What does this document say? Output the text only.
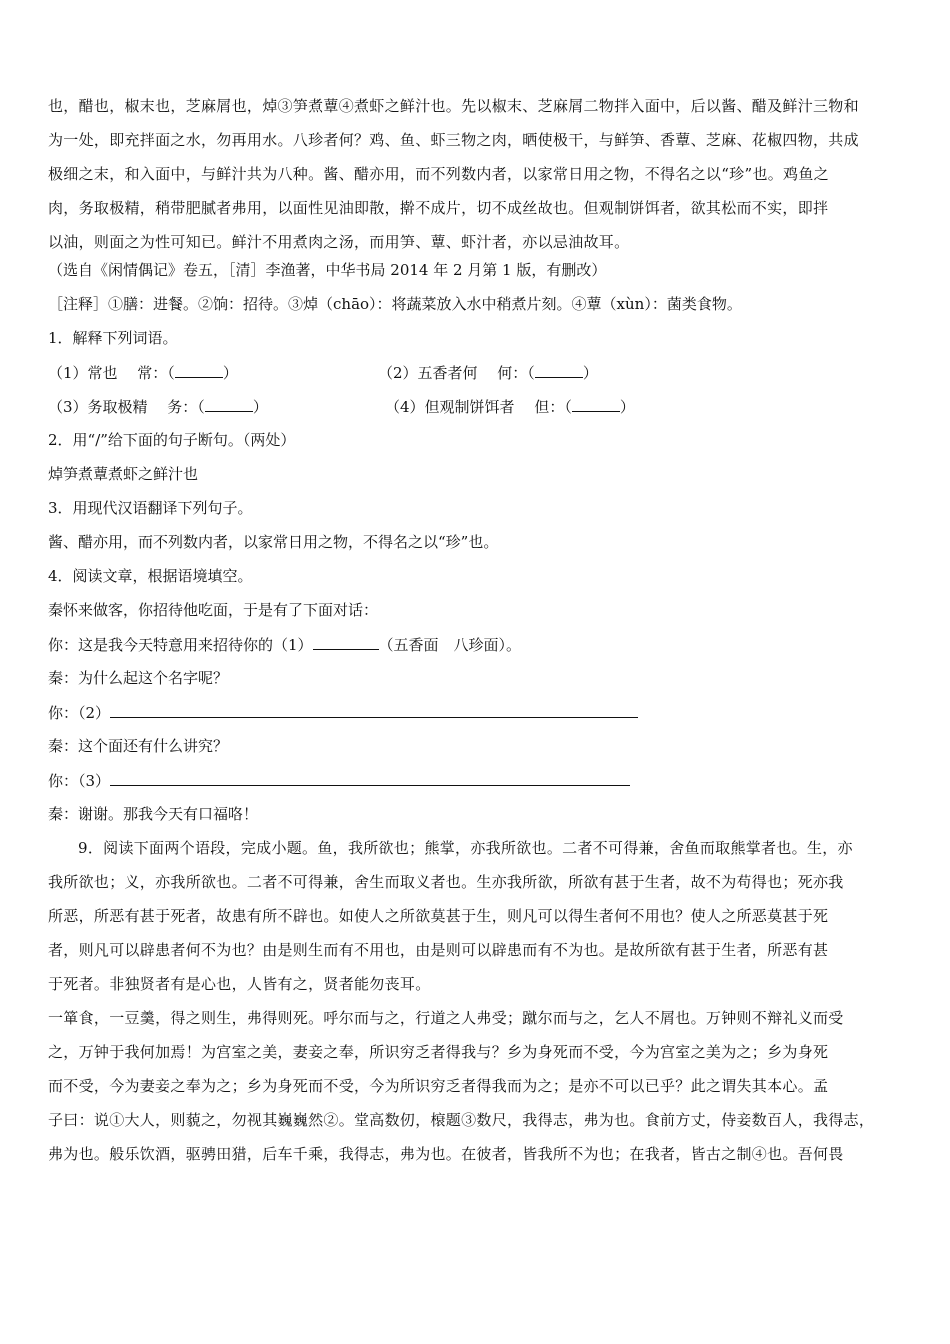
也，醋也，椒末也，芝麻屑也，焯③笋煮蕈④煮虾之鲜汁也。先以椒末、芝麻屑二物拌入面中，后以酱、醋及鲜汁三物和
为一处，即充拌面之水，勿再用水。八珍者何？鸡、鱼、虾三物之肉，晒使极干，与鲜笋、香蕈、芝麻、花椒四物，共成
极细之末，和入面中，与鲜汁共为八种。酱、醋亦用，而不列数内者，以家常日用之物，不得名之以“珍”也。鸡鱼之
肉，务取极精，稍带肥腻者弗用，以面性见油即散，擀不成片，切不成丝故也。但观制饼饵者，欲其松而不实，即拌
以油，则面之为性可知已。鲜汁不用煮肉之汤，而用笋、蕈、虾汁者，亦以忌油故耳。
（选自《闲情偶记》卷五，［清］李渔著，中华书局 2014 年 2 月第 1 版，有删改）
［注释］①膳：进餐。②饷：招待。③焯（chāo）：将蔬菜放入水中稍煮片刻。④蕈（xùn）：菌类食物。
1．解释下列词语。
（1）常也　 常：（	）	（2）五香者何　 何：（	）
（3）务取极精　 务：（	）	（4）但观制饼饵者　 但：（	）
2．用“/”给下面的句子断句。（两处）
焯笋煮蕈煮虾之鲜汁也
3．用现代汉语翻译下列句子。
酱、醋亦用，而不列数内者，以家常日用之物，不得名之以“珍”也。
4．阅读文章，根据语境填空。
秦怀来做客，你招待他吃面，于是有了下面对话：
你：这是我今天特意用来招待你的（1）	（五香面　八珍面）。
秦：为什么起这个名字呢？
你：（2）
秦：这个面还有什么讲究？
你：（3）
秦：谢谢。那我今天有口福咯！
9．阅读下面两个语段，完成小题。鱼，我所欲也；熊掌，亦我所欲也。二者不可得兼，舍鱼而取熊掌者也。生，亦
我所欲也；义，亦我所欲也。二者不可得兼，舍生而取义者也。生亦我所欲，所欲有甚于生者，故不为苟得也；死亦我
所恶，所恶有甚于死者，故患有所不辟也。如使人之所欲莫甚于生，则凡可以得生者何不用也？使人之所恶莫甚于死
者，则凡可以辟患者何不为也？由是则生而有不用也，由是则可以辟患而有不为也。是故所欲有甚于生者，所恶有甚
于死者。非独贤者有是心也，人皆有之，贤者能勿丧耳。
一箪食，一豆羹，得之则生，弗得则死。呼尔而与之，行道之人弗受；蹴尔而与之，乞人不屑也。万钟则不辩礼义而受
之，万钟于我何加焉！为宫室之美，妻妾之奉，所识穷乏者得我与？乡为身死而不受，今为宫室之美为之；乡为身死
而不受，今为妻妾之奉为之；乡为身死而不受，今为所识穷乏者得我而为之；是亦不可以已乎？此之谓失其本心。孟
子曰：说①大人，则藐之，勿视其巍巍然②。堂高数仞，榱题③数尺，我得志，弗为也。食前方丈，侍妾数百人，我得志，
弗为也。般乐饮酒，驱骋田猎，后车千乘，我得志，弗为也。在彼者，皆我所不为也；在我者，皆古之制④也。吾何畏
